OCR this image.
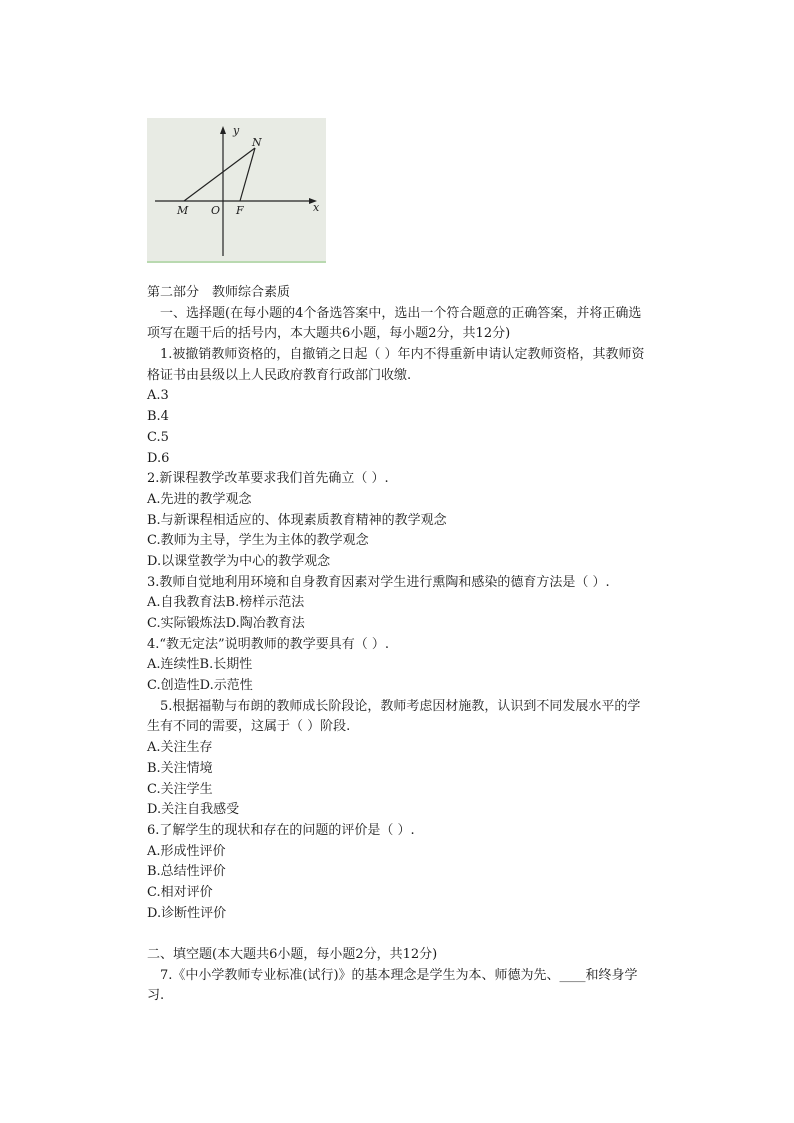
y
N
x
M O F
第二部分　教师综合素质
　一、选择题(在每小题的4个备选答案中，选出一个符合题意的正确答案，并将正确选
项写在题干后的括号内，本大题共6小题，每小题2分，共12分)
　1.被撤销教师资格的，自撤销之日起（ ）年内不得重新申请认定教师资格，其教师资
格证书由县级以上人民政府教育行政部门收缴.
A.3
B.4
C.5
D.6
2.新课程教学改革要求我们首先确立（ ）.
A.先进的教学观念
B.与新课程相适应的、体现素质教育精神的教学观念
C.教师为主导，学生为主体的教学观念
D.以课堂教学为中心的教学观念
3.教师自觉地利用环境和自身教育因素对学生进行熏陶和感染的德育方法是（ ）.
A.自我教育法B.榜样示范法
C.实际锻炼法D.陶冶教育法
4.“教无定法”说明教师的教学要具有（ ）.
A.连续性B.长期性
C.创造性D.示范性
　5.根据福勒与布朗的教师成长阶段论，教师考虑因材施教，认识到不同发展水平的学
生有不同的需要，这属于（ ）阶段.
A.关注生存
B.关注情境
C.关注学生
D.关注自我感受
6.了解学生的现状和存在的问题的评价是（ ）.
A.形成性评价
B.总结性评价
C.相对评价
D.诊断性评价
二、填空题(本大题共6小题，每小题2分，共12分)
　7.《中小学教师专业标准(试行)》的基本理念是学生为本、师德为先、____和终身学
习.
